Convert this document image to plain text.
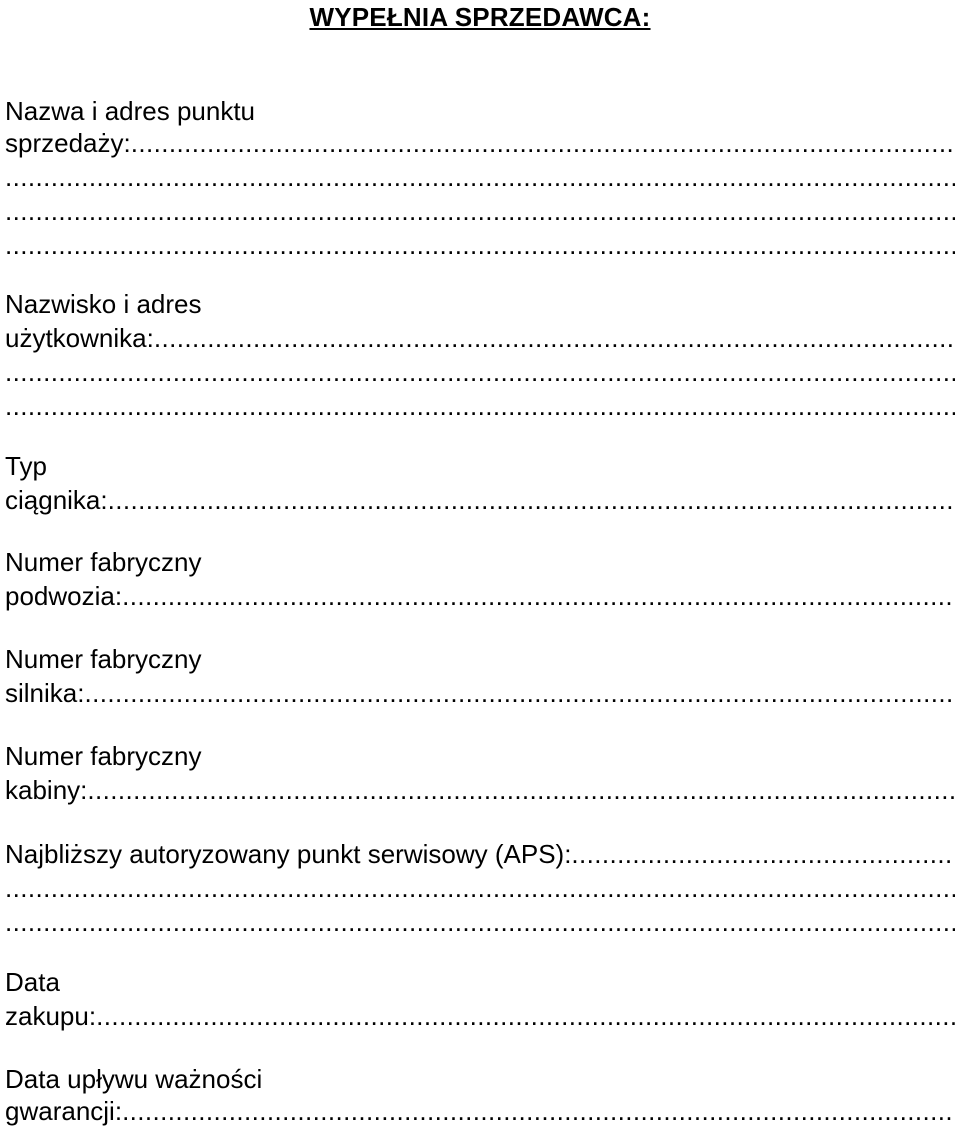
WYPEŁNIA SPRZEDAWCA:
Nazwa i adres punktu
sprzedaży:
.....
.....
.....
.....
Nazwisko i adres
użytkownika:
.....
.....
.....
Typ
ciągnika:
.....
Numer fabryczny
podwozia:
.....
Numer fabryczny
silnika:
.....
Numer fabryczny
kabiny:
.....
Najbliższy autoryzowany punkt serwisowy (APS):
.....
.....
.....
Data
zakupu:
.....
Data upływu ważności
gwarancji:
.....
